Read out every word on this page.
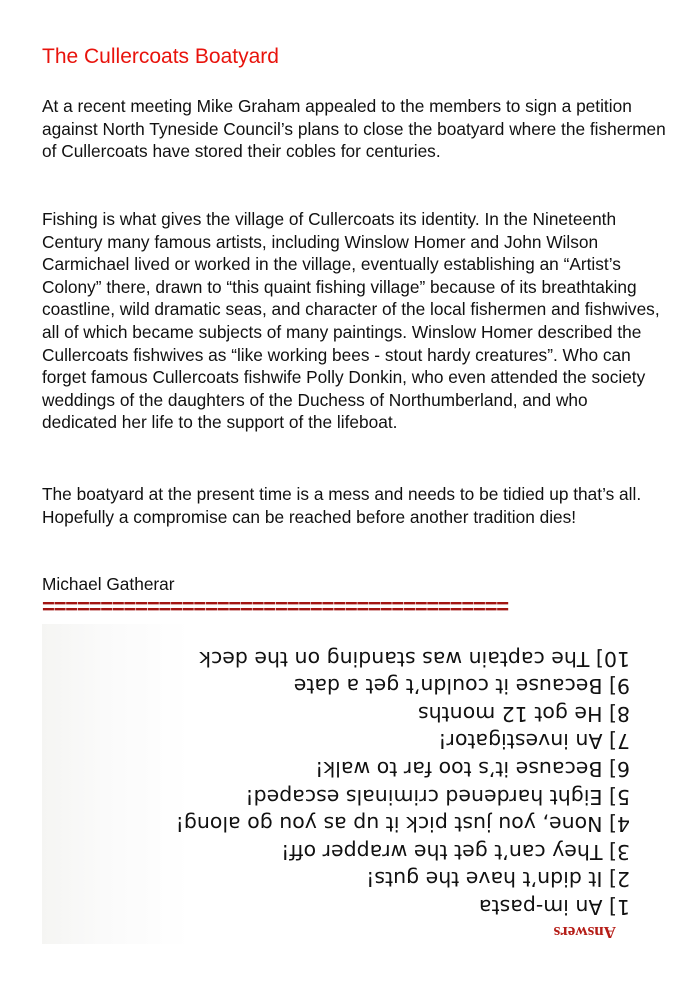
The Cullercoats Boatyard

At a recent meeting Mike Graham appealed to the members to sign a petition against North Tyneside Council’s plans to close the boatyard where the fishermen of Cullercoats have stored their cobles for centuries.

Fishing is what gives the village of Cullercoats its identity. In the Nineteenth Century many famous artists, including Winslow Homer and John Wilson Carmichael lived or worked in the village, eventually establishing an “Artist’s Colony” there, drawn to “this quaint fishing village” because of its breathtaking coastline, wild dramatic seas, and character of the local fishermen and fishwives, all of which became subjects of many paintings. Winslow Homer described the Cullercoats fishwives as “like working bees - stout hardy creatures”. Who can forget famous Cullercoats fishwife Polly Donkin, who even attended the society weddings of the daughters of the Duchess of Northumberland, and who dedicated her life to the support of the lifeboat.

The boatyard at the present time is a mess and needs to be tidied up that’s all. Hopefully a compromise can be reached before another tradition dies!

Michael Gatherar

========================================
Answers
1] An im-pasta
2] It didn’t have the guts!
3] They can’t get the wrapper off!
4] None, you just pick it up as you go along!
5] Eight hardened criminals escaped!
6] Because it’s too far to walk!
7] An investigator!
8] He got 12 months
9] Because it couldn’t get a date
10] The captain was standing on the deck
